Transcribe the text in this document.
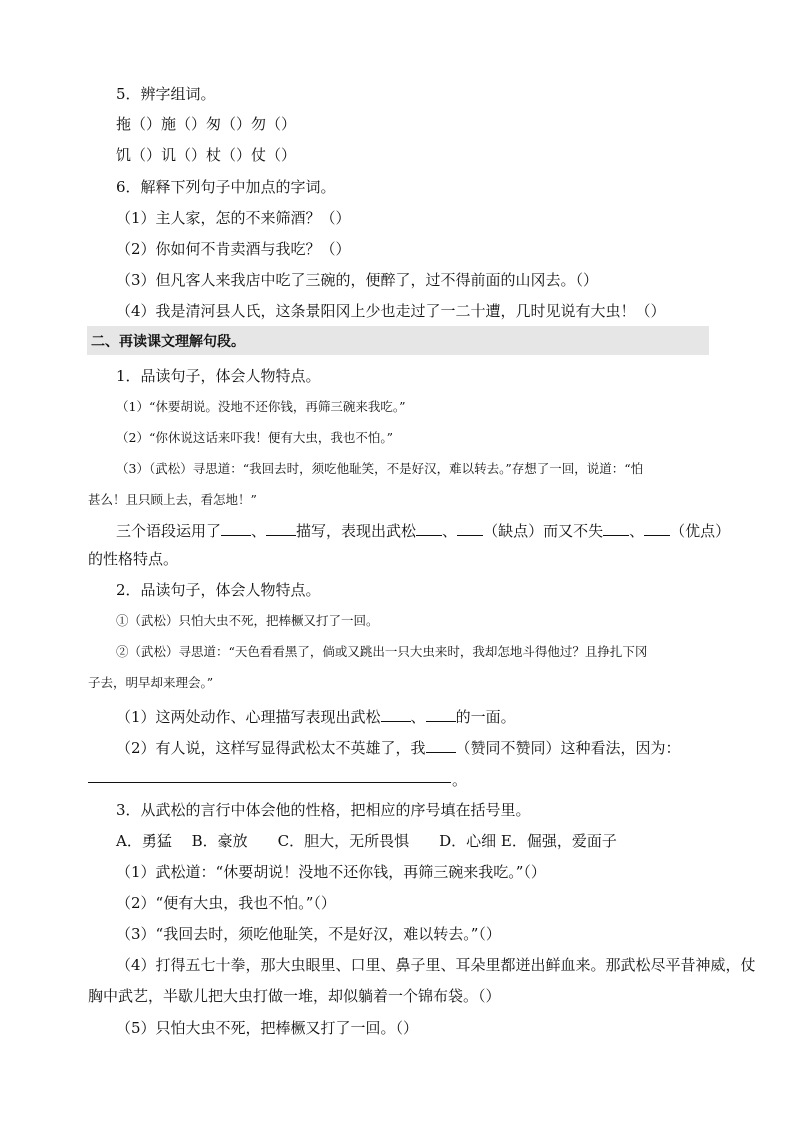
5．辨字组词。
拖（）施（）匆（）勿（）
饥（）讥（）杖（）仗（）
6．解释下列句子中加点的字词。
（1）主人家，怎的不来筛酒？（）
（2）你如何不肯卖酒与我吃？（）
（3）但凡客人来我店中吃了三碗的，便醉了，过不得前面的山冈去。（）
（4）我是清河县人氏，这条景阳冈上少也走过了一二十遭，几时见说有大虫！（）
二、再读课文理解句段。
1．品读句子，体会人物特点。
（1）“休要胡说。没地不还你钱，再筛三碗来我吃。”
（2）“你休说这话来吓我！便有大虫，我也不怕。”
（3）（武松）寻思道：“我回去时，须吃他耻笑，不是好汉，难以转去。”存想了一回，说道：“怕
甚么！且只顾上去，看怎地！”
三个语段运用了 、 描写，表现出武松 、 （缺点）而又不失 、 （优点）
的性格特点。
2．品读句子，体会人物特点。
①（武松）只怕大虫不死，把棒橛又打了一回。
②（武松）寻思道：“天色看看黑了，倘或又跳出一只大虫来时，我却怎地斗得他过？且挣扎下冈
子去，明早却来理会。”
（1）这两处动作、心理描写表现出武松 、 的一面。
（2）有人说，这样写显得武松太不英雄了，我 （赞同不赞同）这种看法，因为：
。
3．从武松的言行中体会他的性格，把相应的序号填在括号里。
A．勇猛　 B．豪放　　C．胆大，无所畏惧　　D．心细 E．倔强，爱面子
（1）武松道：“休要胡说！没地不还你钱，再筛三碗来我吃。”（）
（2）“便有大虫，我也不怕。”（）
（3）“我回去时，须吃他耻笑，不是好汉，难以转去。”（）
（4）打得五七十拳，那大虫眼里、口里、鼻子里、耳朵里都迸出鲜血来。那武松尽平昔神威，仗
胸中武艺，半歇儿把大虫打做一堆，却似躺着一个锦布袋。（）
（5）只怕大虫不死，把棒橛又打了一回。（）
